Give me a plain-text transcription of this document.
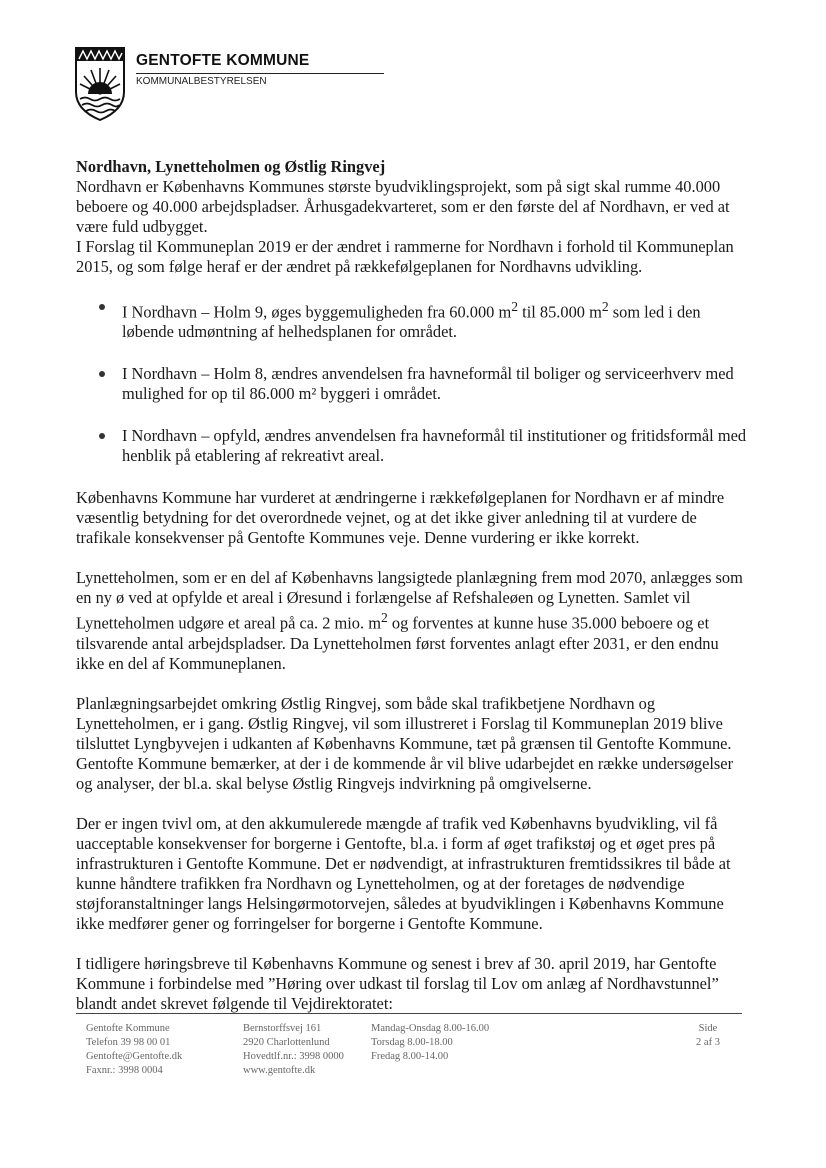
GENTOFTE KOMMUNE
KOMMUNALBESTYRELSEN
Nordhavn, Lynetteholmen og Østlig Ringvej

Nordhavn er Københavns Kommunes største byudviklingsprojekt, som på sigt skal rumme 40.000 beboere og 40.000 arbejdspladser. Århusgadekvarteret, som er den første del af Nordhavn, er ved at være fuld udbygget.

I Forslag til Kommuneplan 2019 er der ændret i rammerne for Nordhavn i forhold til Kommuneplan 2015, og som følge heraf er der ændret på rækkefølgeplanen for Nordhavns udvikling.

I Nordhavn – Holm 9, øges byggemuligheden fra 60.000 $m^2$ til 85.000 $m^2$ som led i den løbende udmøntning af helhedsplanen for området.
I Nordhavn – Holm 8, ændres anvendelsen fra havneformål til boliger og serviceerhverv med mulighed for op til 86.000 m² byggeri i området.
I Nordhavn – opfyld, ændres anvendelsen fra havneformål til institutioner og fritidsformål med henblik på etablering af rekreativt areal.

Københavns Kommune har vurderet at ændringerne i rækkefølgeplanen for Nordhavn er af mindre væsentlig betydning for det overordnede vejnet, og at det ikke giver anledning til at vurdere de trafikale konsekvenser på Gentofte Kommunes veje. Denne vurdering er ikke korrekt.

Lynetteholmen, som er en del af Københavns langsigtede planlægning frem mod 2070, anlægges som en ny ø ved at opfylde et areal i Øresund i forlængelse af Refshaleøen og Lynetten. Samlet vil Lynetteholmen udgøre et areal på ca. 2 mio. $m^2$ og forventes at kunne huse 35.000 beboere og et tilsvarende antal arbejdspladser. Da Lynetteholmen først forventes anlagt efter 2031, er den endnu ikke en del af Kommuneplanen.

Planlægningsarbejdet omkring Østlig Ringvej, som både skal trafikbetjene Nordhavn og Lynetteholmen, er i gang. Østlig Ringvej, vil som illustreret i Forslag til Kommuneplan 2019 blive tilsluttet Lyngbyvejen i udkanten af Københavns Kommune, tæt på grænsen til Gentofte Kommune. Gentofte Kommune bemærker, at der i de kommende år vil blive udarbejdet en række undersøgelser og analyser, der bl.a. skal belyse Østlig Ringvejs indvirkning på omgivelserne.

Der er ingen tvivl om, at den akkumulerede mængde af trafik ved Københavns byudvikling, vil få uacceptable konsekvenser for borgerne i Gentofte, bl.a. i form af øget trafikstøj og et øget pres på infrastrukturen i Gentofte Kommune. Det er nødvendigt, at infrastrukturen fremtidssikres til både at kunne håndtere trafikken fra Nordhavn og Lynetteholmen, og at der foretages de nødvendige støjforanstaltninger langs Helsingørmotorvejen, således at byudviklingen i Københavns Kommune ikke medfører gener og forringelser for borgerne i Gentofte Kommune.

I tidligere høringsbreve til Københavns Kommune og senest i brev af 30. april 2019, har Gentofte Kommune i forbindelse med ”Høring over udkast til forslag til Lov om anlæg af Nordhavstunnel” blandt andet skrevet følgende til Vejdirektoratet:

Gentofte Kommune
Telefon 39 98 00 01
Gentofte@Gentofte.dk
Faxnr.: 3998 0004
Bernstorffsvej 161
2920 Charlottenlund
Hovedtlf.nr.: 3998 0000
www.gentofte.dk
Mandag-Onsdag 8.00-16.00
Torsdag 8.00-18.00
Fredag 8.00-14.00
Side
2 af 3
